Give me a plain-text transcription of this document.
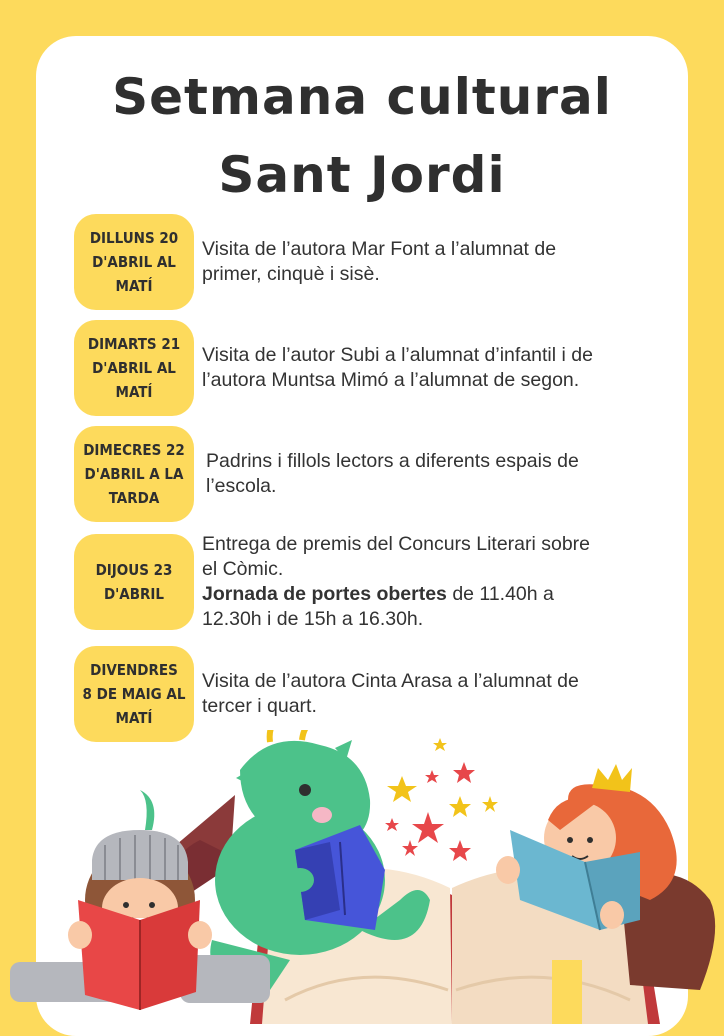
Setmana cultural
Sant Jordi
DILLUNS 20
D'ABRIL AL
MATÍ
Visita de l’autora Mar Font a l’alumnat de
primer, cinquè i sisè.
DIMARTS 21
D'ABRIL AL
MATÍ
Visita de l’autor Subi a l’alumnat d’infantil i de
l’autora Muntsa Mimó a l’alumnat de segon.
DIMECRES 22
D'ABRIL A LA
TARDA
Padrins i fillols lectors a diferents espais de
l’escola.
DIJOUS 23
D'ABRIL
Entrega de premis del Concurs Literari sobre
el Còmic.
Jornada de portes obertes de 11.40h a
12.30h i de 15h a 16.30h.
DIVENDRES
8 DE MAIG AL
MATÍ
Visita de l’autora Cinta Arasa a l’alumnat de
tercer i quart.
